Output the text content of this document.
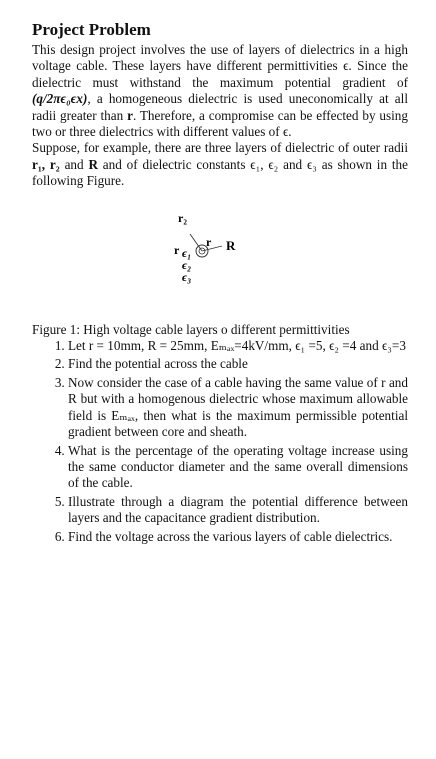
Project Problem

This design project involves the use of layers of dielectrics in a high voltage cable. These layers have different permittivities ϵ. Since the dielectric must withstand the maximum potential gradient of (q/2πϵ₀ϵx), a homogeneous dielectric is used uneconomically at all radii greater than r. Therefore, a compromise can be effected by using two or three dielectrics with different values of ϵ.

Suppose, for example, there are three layers of dielectric of outer radii r₁, r₂ and R and of dielectric constants ϵ₁, ϵ₂ and ϵ₃ as shown in the following Figure.

r₂
r R
r ϵ₁
ϵ₂
ϵ₃
Figure 1: High voltage cable layers o different permittivities
1. Let r = 10mm, R = 25mm, Eₘₐₓ=4kV/mm, ϵ₁ =5, ϵ₂ =4 and ϵ₃=3
2. Find the potential across the cable
3. Now consider the case of a cable having the same value of r and R but with a homogenous dielectric whose maximum allowable field is Eₘₐₓ, then what is the maximum permissible potential gradient between core and sheath.
4. What is the percentage of the operating voltage increase using the same conductor diameter and the same overall dimensions of the cable.
5. Illustrate through a diagram the potential difference between layers and the capacitance gradient distribution.
6. Find the voltage across the various layers of cable dielectrics.
